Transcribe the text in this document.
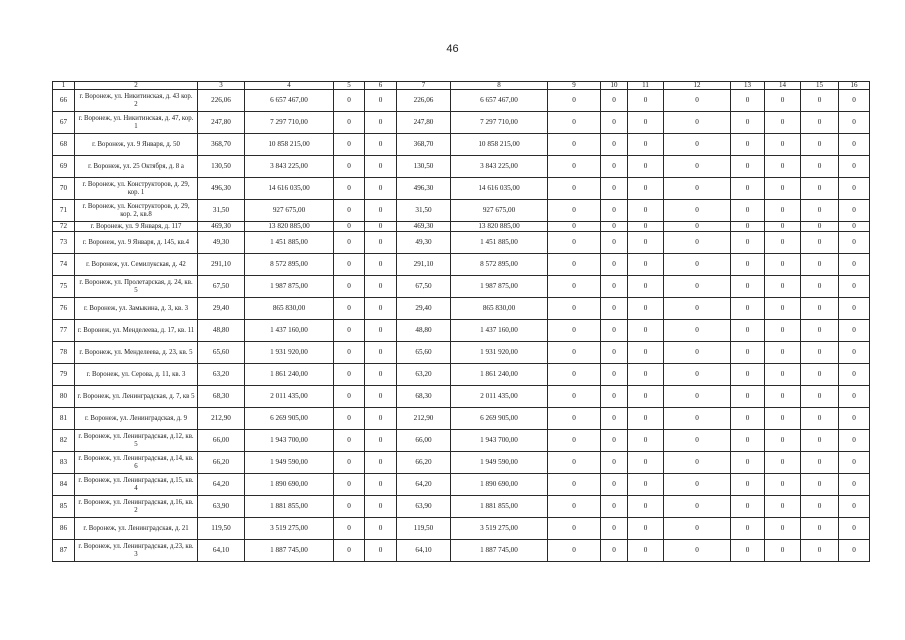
46
1	2	3	4	5	6	7	8	9	10	11	12	13	14	15	16
66	г. Воронеж, ул. Никитинская, д. 43 кор. 2	226,06	6 657 467,00	0	0	226,06	6 657 467,00	0	0	0	0	0	0	0	0
67	г. Воронеж, ул. Никитинская, д. 47, кор. 1	247,80	7 297 710,00	0	0	247,80	7 297 710,00	0	0	0	0	0	0	0	0
68	г. Воронеж, ул. 9 Января, д. 50	368,70	10 858 215,00	0	0	368,70	10 858 215,00	0	0	0	0	0	0	0	0
69	г. Воронеж, ул. 25 Октября, д. 8 а	130,50	3 843 225,00	0	0	130,50	3 843 225,00	0	0	0	0	0	0	0	0
70	г. Воронеж, ул. Конструкторов, д. 29, кор. 1	496,30	14 616 035,00	0	0	496,30	14 616 035,00	0	0	0	0	0	0	0	0
71	г. Воронеж, ул. Конструкторов, д. 29, кор. 2, кв.8	31,50	927 675,00	0	0	31,50	927 675,00	0	0	0	0	0	0	0	0
72	г. Воронеж, ул. 9 Января, д. 117	469,30	13 820 885,00	0	0	469,30	13 820 885,00	0	0	0	0	0	0	0	0
73	г. Воронеж, ул. 9 Января, д. 145, кв.4	49,30	1 451 885,00	0	0	49,30	1 451 885,00	0	0	0	0	0	0	0	0
74	г. Воронеж, ул. Семилукская, д. 42	291,10	8 572 895,00	0	0	291,10	8 572 895,00	0	0	0	0	0	0	0	0
75	г. Воронеж, ул. Пролетарская, д. 24, кв. 5	67,50	1 987 875,00	0	0	67,50	1 987 875,00	0	0	0	0	0	0	0	0
76	г. Воронеж, ул. Замыкина, д. 3, кв. 3	29,40	865 830,00	0	0	29,40	865 830,00	0	0	0	0	0	0	0	0
77	г. Воронеж, ул. Менделеева, д. 17, кв. 11	48,80	1 437 160,00	0	0	48,80	1 437 160,00	0	0	0	0	0	0	0	0
78	г. Воронеж, ул. Менделеева, д. 23, кв. 5	65,60	1 931 920,00	0	0	65,60	1 931 920,00	0	0	0	0	0	0	0	0
79	г. Воронеж, ул. Серова, д. 11, кв. 3	63,20	1 861 240,00	0	0	63,20	1 861 240,00	0	0	0	0	0	0	0	0
80	г. Воронеж, ул. Ленинградская, д. 7, кв 5	68,30	2 011 435,00	0	0	68,30	2 011 435,00	0	0	0	0	0	0	0	0
81	г. Воронеж, ул. Ленинградская, д. 9	212,90	6 269 905,00	0	0	212,90	6 269 905,00	0	0	0	0	0	0	0	0
82	г. Воронеж, ул. Ленинградская, д.12, кв. 5	66,00	1 943 700,00	0	0	66,00	1 943 700,00	0	0	0	0	0	0	0	0
83	г. Воронеж, ул. Ленинградская, д.14, кв. 6	66,20	1 949 590,00	0	0	66,20	1 949 590,00	0	0	0	0	0	0	0	0
84	г. Воронеж, ул. Ленинградская, д.15, кв. 4	64,20	1 890 690,00	0	0	64,20	1 890 690,00	0	0	0	0	0	0	0	0
85	г. Воронеж, ул. Ленинградская, д.16, кв. 2	63,90	1 881 855,00	0	0	63,90	1 881 855,00	0	0	0	0	0	0	0	0
86	г. Воронеж, ул. Ленинградская, д. 21	119,50	3 519 275,00	0	0	119,50	3 519 275,00	0	0	0	0	0	0	0	0
87	г. Воронеж, ул. Ленинградская, д.23, кв. 3	64,10	1 887 745,00	0	0	64,10	1 887 745,00	0	0	0	0	0	0	0	0
